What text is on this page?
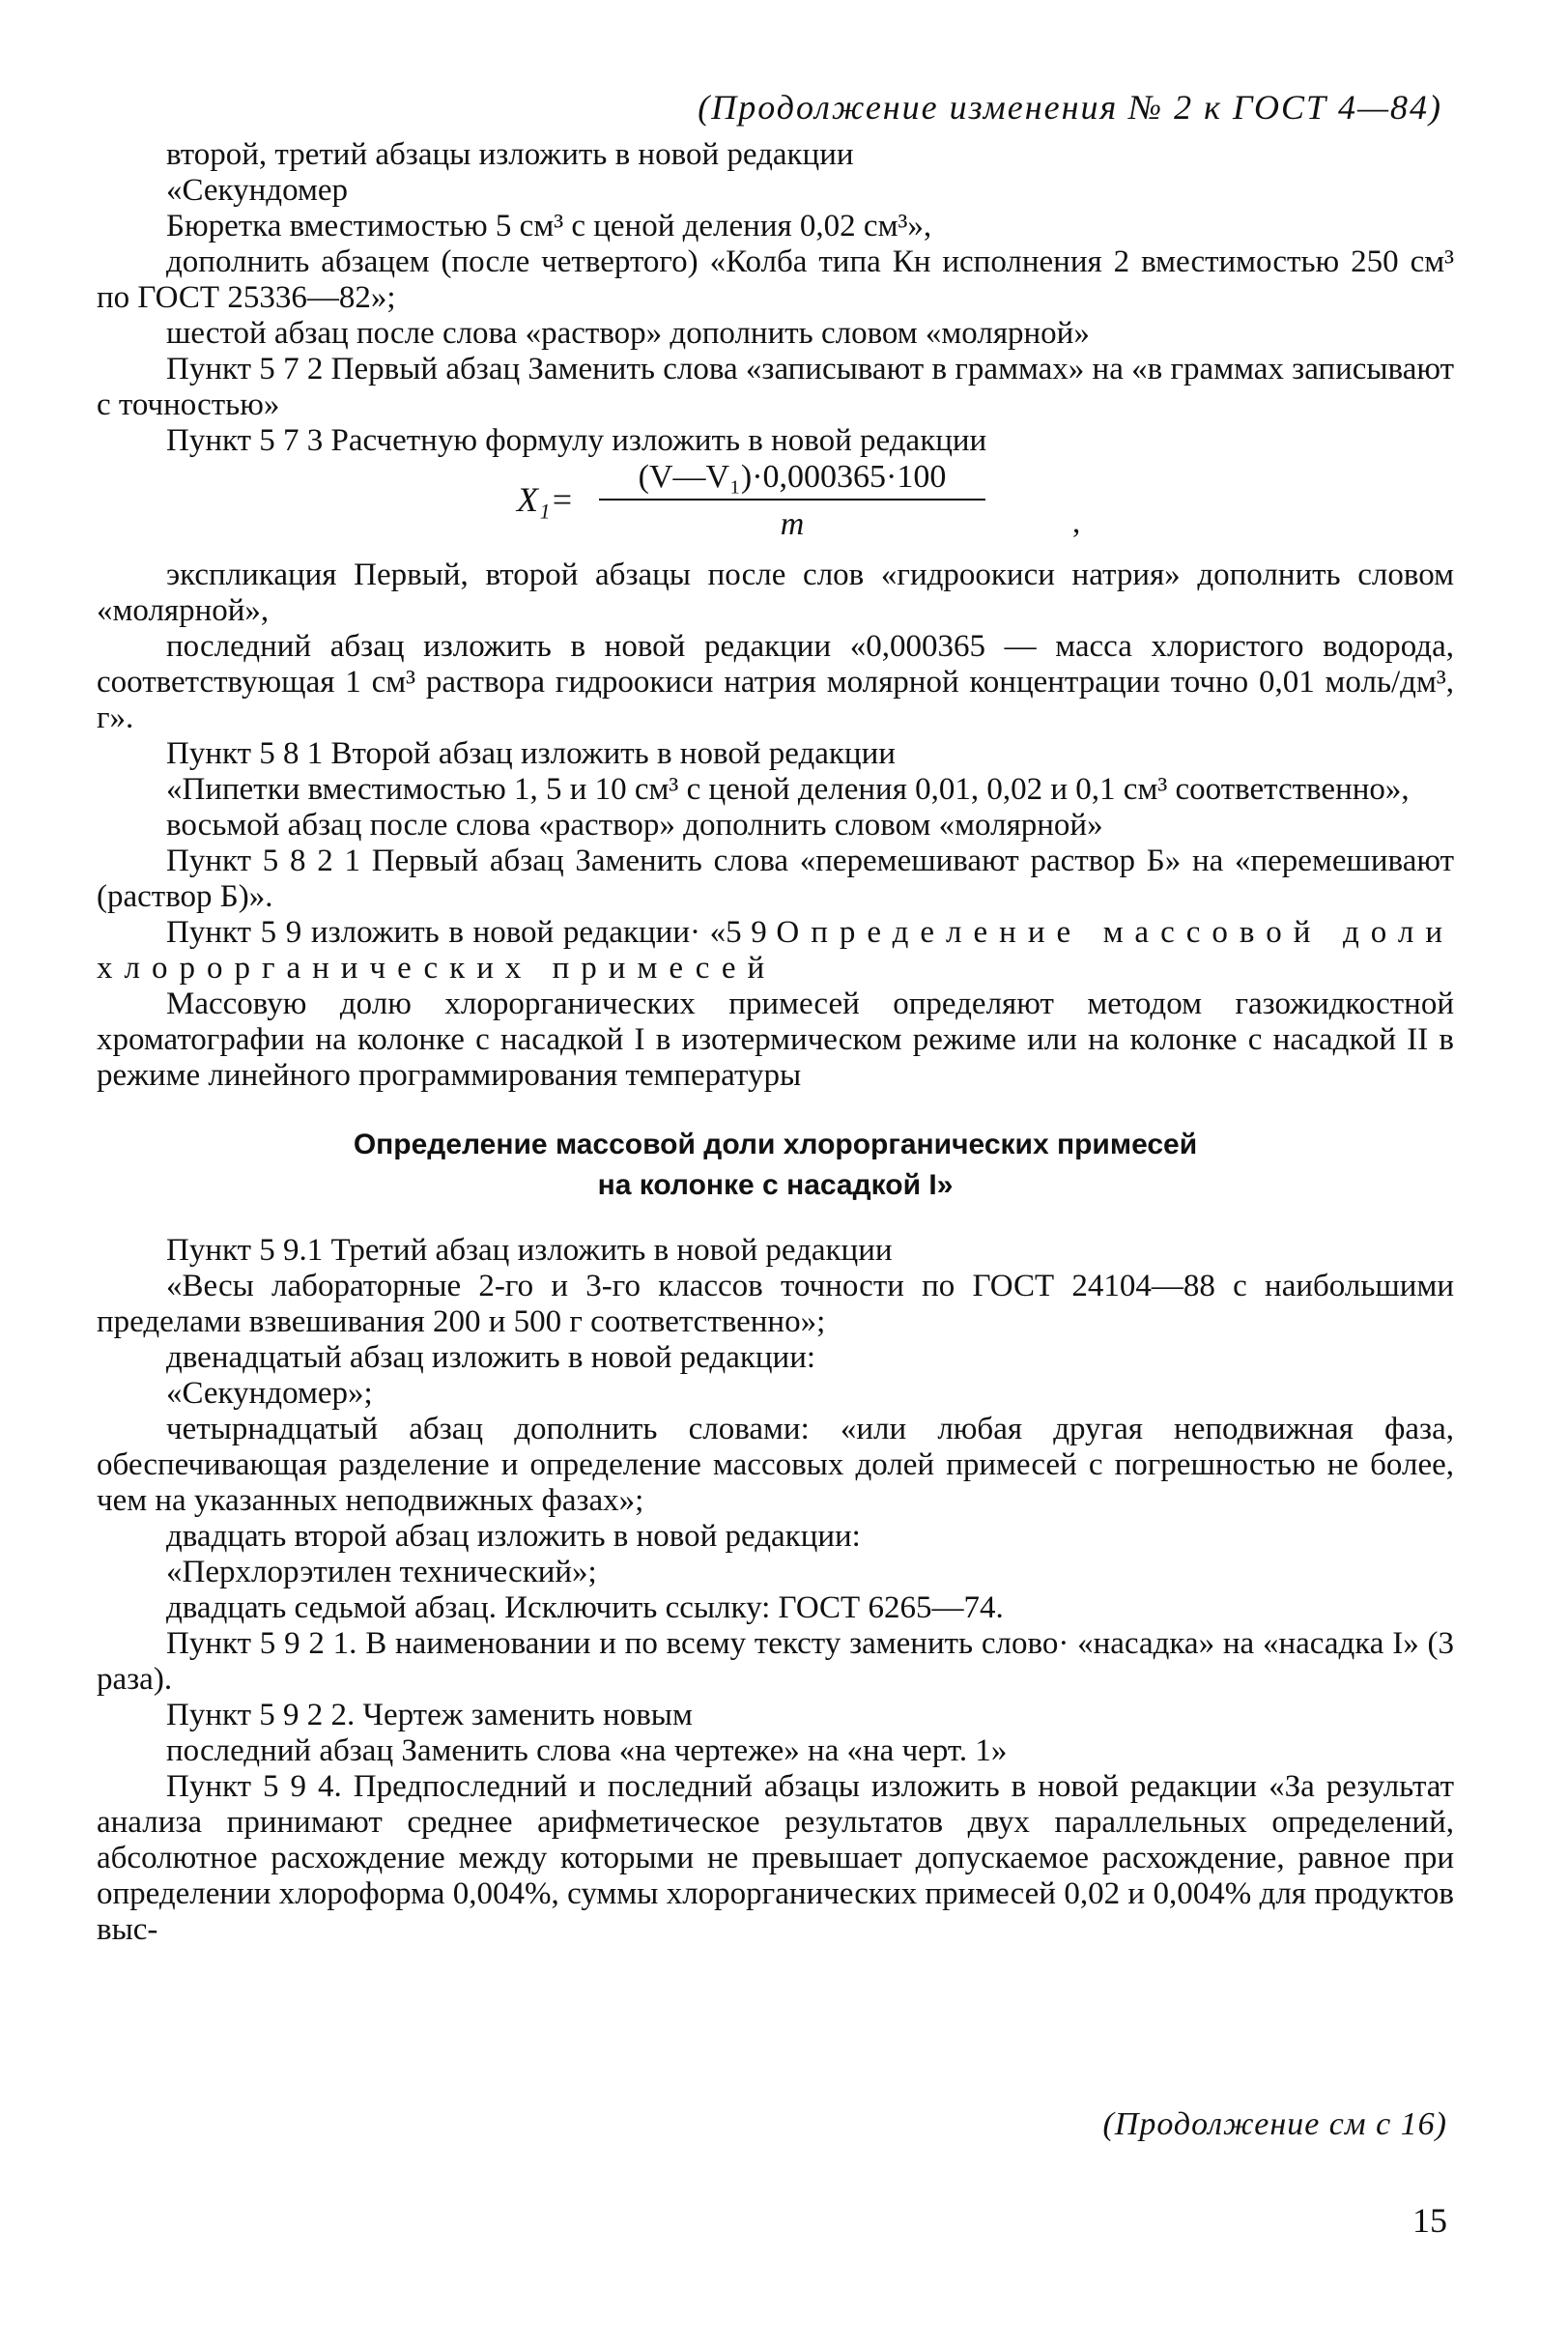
(Продолжение изменения № 2 к ГОСТ 4—84)

второй, третий абзацы изложить в новой редакции

«Секундомер

Бюретка вместимостью 5 см³ с ценой деления 0,02 см³»,

дополнить абзацем (после четвертого) «Колба типа Кн исполнения 2 вместимостью 250 см³ по ГОСТ 25336—82»;

шестой абзац после слова «раствор» дополнить словом «молярной»

Пункт 5 7 2 Первый абзац Заменить слова «записывают в граммах» на «в граммах записывают с точностью»

Пункт 5 7 3 Расчетную формулу изложить в новой редакции

$X_1= \frac{\text{(V—V₁)·0,000365·100}}{m}$	,

экспликация Первый, второй абзацы после слов «гидроокиси натрия» дополнить словом «молярной»,

последний абзац изложить в новой редакции «0,000365 — масса хлористого водорода, соответствующая 1 см³ раствора гидроокиси натрия молярной концентрации точно 0,01 моль/дм³, г».

Пункт 5 8 1 Второй абзац изложить в новой редакции

«Пипетки вместимостью 1, 5 и 10 см³ с ценой деления 0,01, 0,02 и 0,1 см³ соответственно»,

восьмой абзац после слова «раствор» дополнить словом «молярной»

Пункт 5 8 2 1 Первый абзац Заменить слова «перемешивают раствор Б» на «перемешивают (раствор Б)».

Пункт 5 9 изложить в новой редакции· «5 9 Определение массовой доли хлорорганических примесей

Массовую долю хлорорганических примесей определяют методом газожидкостной хроматографии на колонке с насадкой I в изотермическом режиме или на колонке с насадкой II в режиме линейного программирования температуры

Определение массовой доли хлорорганических примесей
на колонке с насадкой I»

Пункт 5 9.1 Третий абзац изложить в новой редакции

«Весы лабораторные 2-го и 3-го классов точности по ГОСТ 24104—88 с наибольшими пределами взвешивания 200 и 500 г соответственно»;

двенадцатый абзац изложить в новой редакции:

«Секундомер»;

четырнадцатый абзац дополнить словами: «или любая другая неподвижная фаза, обеспечивающая разделение и определение массовых долей примесей с погрешностью не более, чем на указанных неподвижных фазах»;

двадцать второй абзац изложить в новой редакции:

«Перхлорэтилен технический»;

двадцать седьмой абзац. Исключить ссылку: ГОСТ 6265—74.

Пункт 5 9 2 1. В наименовании и по всему тексту заменить слово· «насадка» на «насадка I» (3 раза).

Пункт 5 9 2 2. Чертеж заменить новым

последний абзац Заменить слова «на чертеже» на «на черт. 1»

Пункт 5 9 4. Предпоследний и последний абзацы изложить в новой редакции «За результат анализа принимают среднее арифметическое результатов двух параллельных определений, абсолютное расхождение между которыми не превышает допускаемое расхождение, равное при определении хлороформа 0,004%, суммы хлорорганических примесей 0,02 и 0,004% для продуктов выс-

(Продолжение см с 16)
15
